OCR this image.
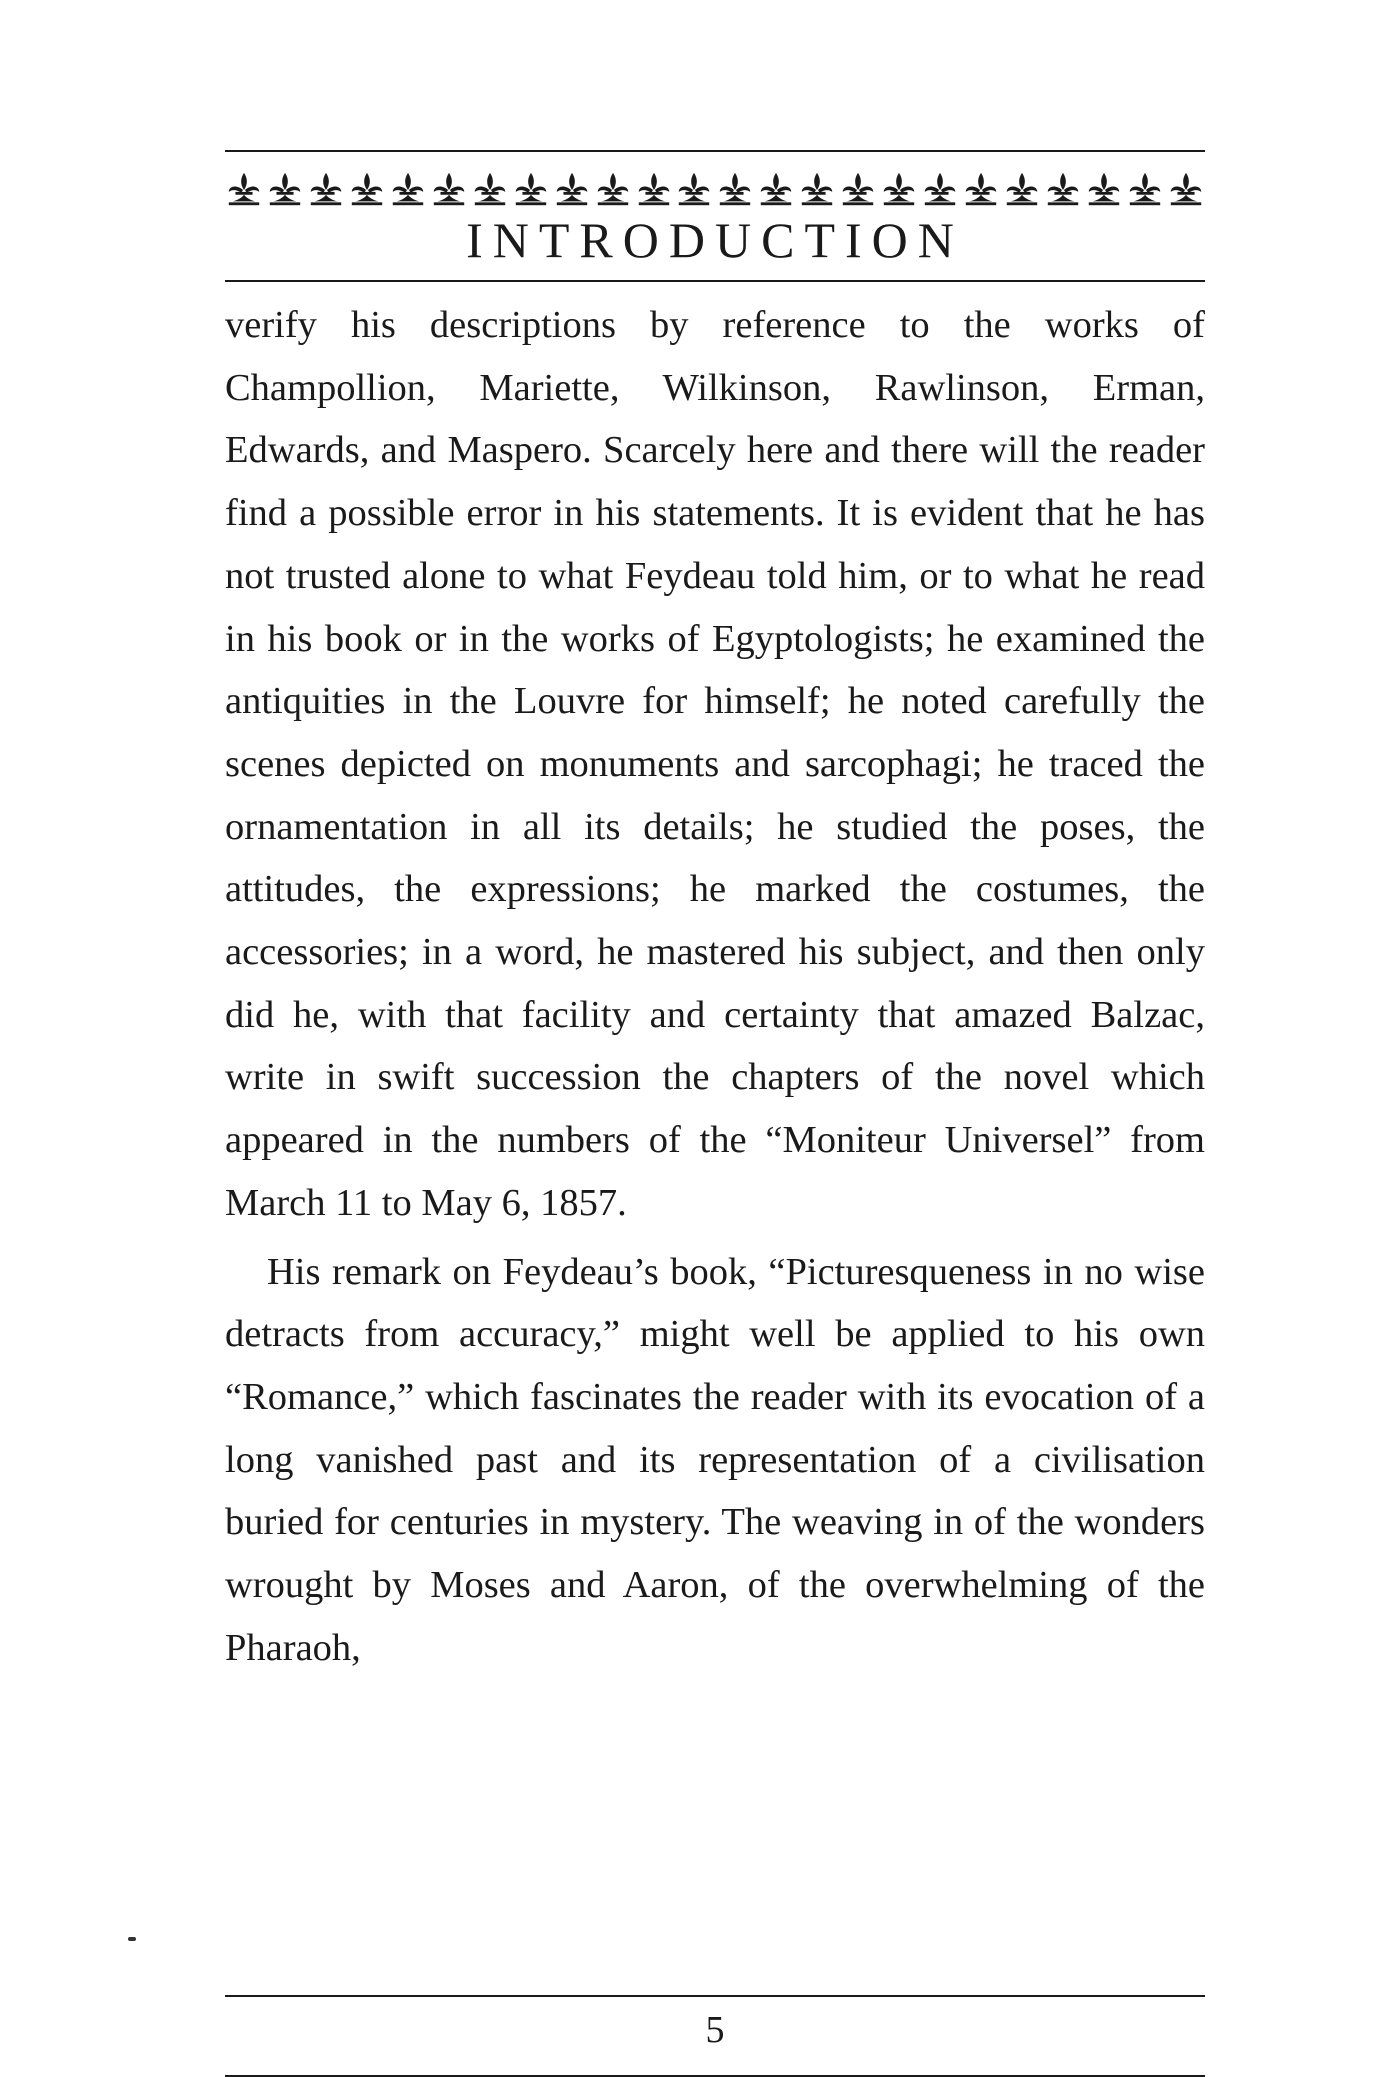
INTRODUCTION

verify his descriptions by reference to the works of Champollion, Mariette, Wilkinson, Rawlinson, Erman, Edwards, and Maspero. Scarcely here and there will the reader find a possible error in his statements. It is evident that he has not trusted alone to what Feydeau told him, or to what he read in his book or in the works of Egyptologists; he examined the antiquities in the Louvre for himself; he noted carefully the scenes depicted on monuments and sarcophagi; he traced the ornamentation in all its details; he studied the poses, the attitudes, the expressions; he marked the costumes, the accessories; in a word, he mastered his subject, and then only did he, with that facility and certainty that amazed Balzac, write in swift succession the chapters of the novel which appeared in the numbers of the “Moniteur Universel” from March 11 to May 6, 1857.

His remark on Feydeau’s book, “Picturesqueness in no wise detracts from accuracy,” might well be applied to his own “Romance,” which fascinates the reader with its evocation of a long vanished past and its representation of a civilisation buried for centuries in mystery. The weaving in of the wonders wrought by Moses and Aaron, of the overwhelming of the Pharaoh,

5
